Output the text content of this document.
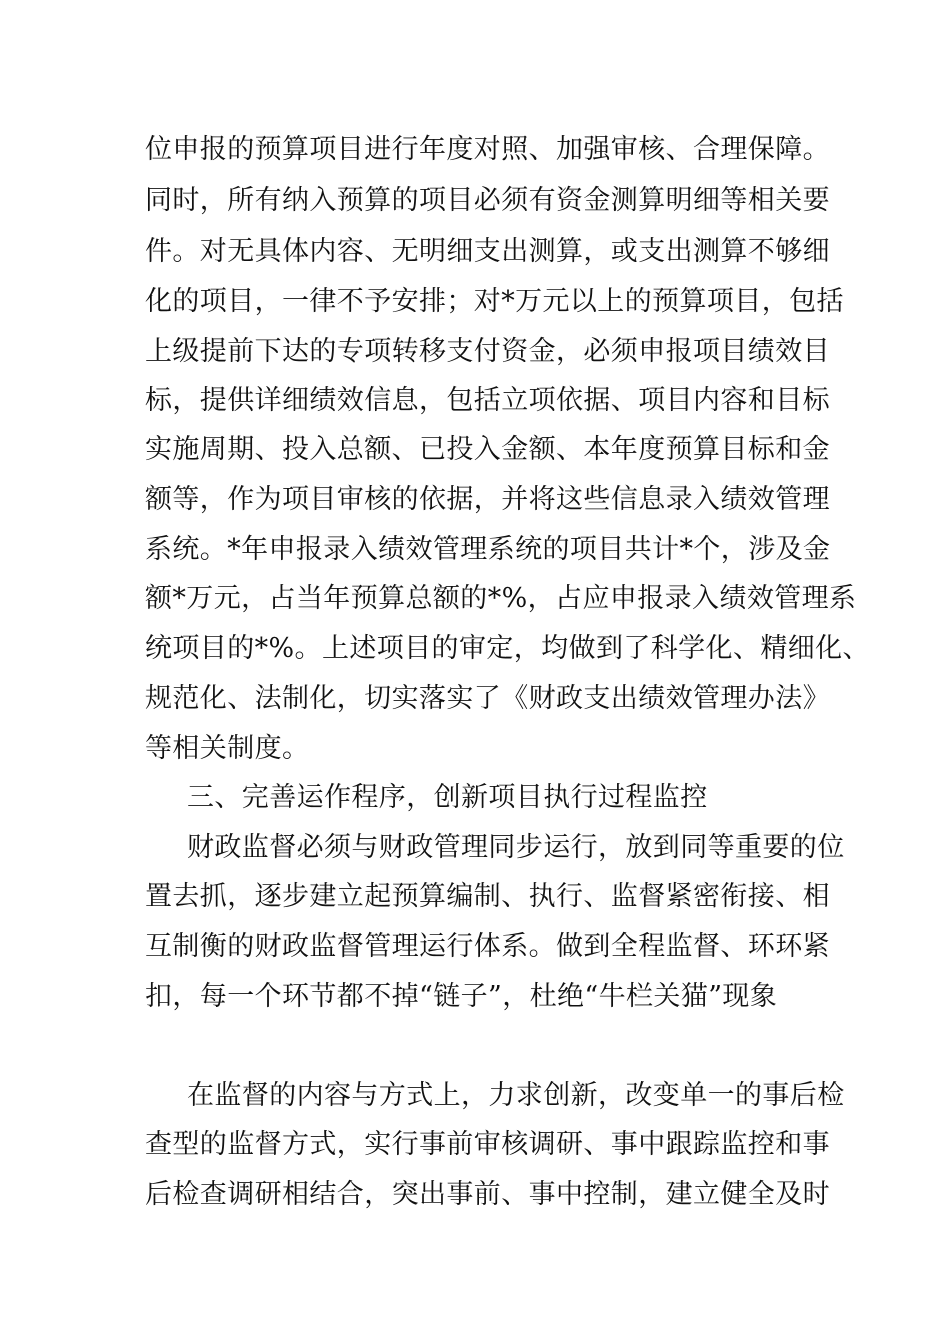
位申报的预算项目进行年度对照、加强审核、合理保障。
同时，所有纳入预算的项目必须有资金测算明细等相关要
件。对无具体内容、无明细支出测算，或支出测算不够细
化的项目，一律不予安排；对*万元以上的预算项目，包括
上级提前下达的专项转移支付资金，必须申报项目绩效目
标，提供详细绩效信息，包括立项依据、项目内容和目标
实施周期、投入总额、已投入金额、本年度预算目标和金
额等，作为项目审核的依据，并将这些信息录入绩效管理
系统。*年申报录入绩效管理系统的项目共计*个，涉及金
额*万元，占当年预算总额的*%，占应申报录入绩效管理系
统项目的*%。上述项目的审定，均做到了科学化、精细化、
规范化、法制化，切实落实了《财政支出绩效管理办法》
等相关制度。
三、完善运作程序，创新项目执行过程监控
财政监督必须与财政管理同步运行，放到同等重要的位
置去抓，逐步建立起预算编制、执行、监督紧密衔接、相
互制衡的财政监督管理运行体系。做到全程监督、环环紧
扣，每一个环节都不掉“链子”，杜绝“牛栏关猫”现象
在监督的内容与方式上，力求创新，改变单一的事后检
查型的监督方式，实行事前审核调研、事中跟踪监控和事
后检查调研相结合，突出事前、事中控制，建立健全及时
